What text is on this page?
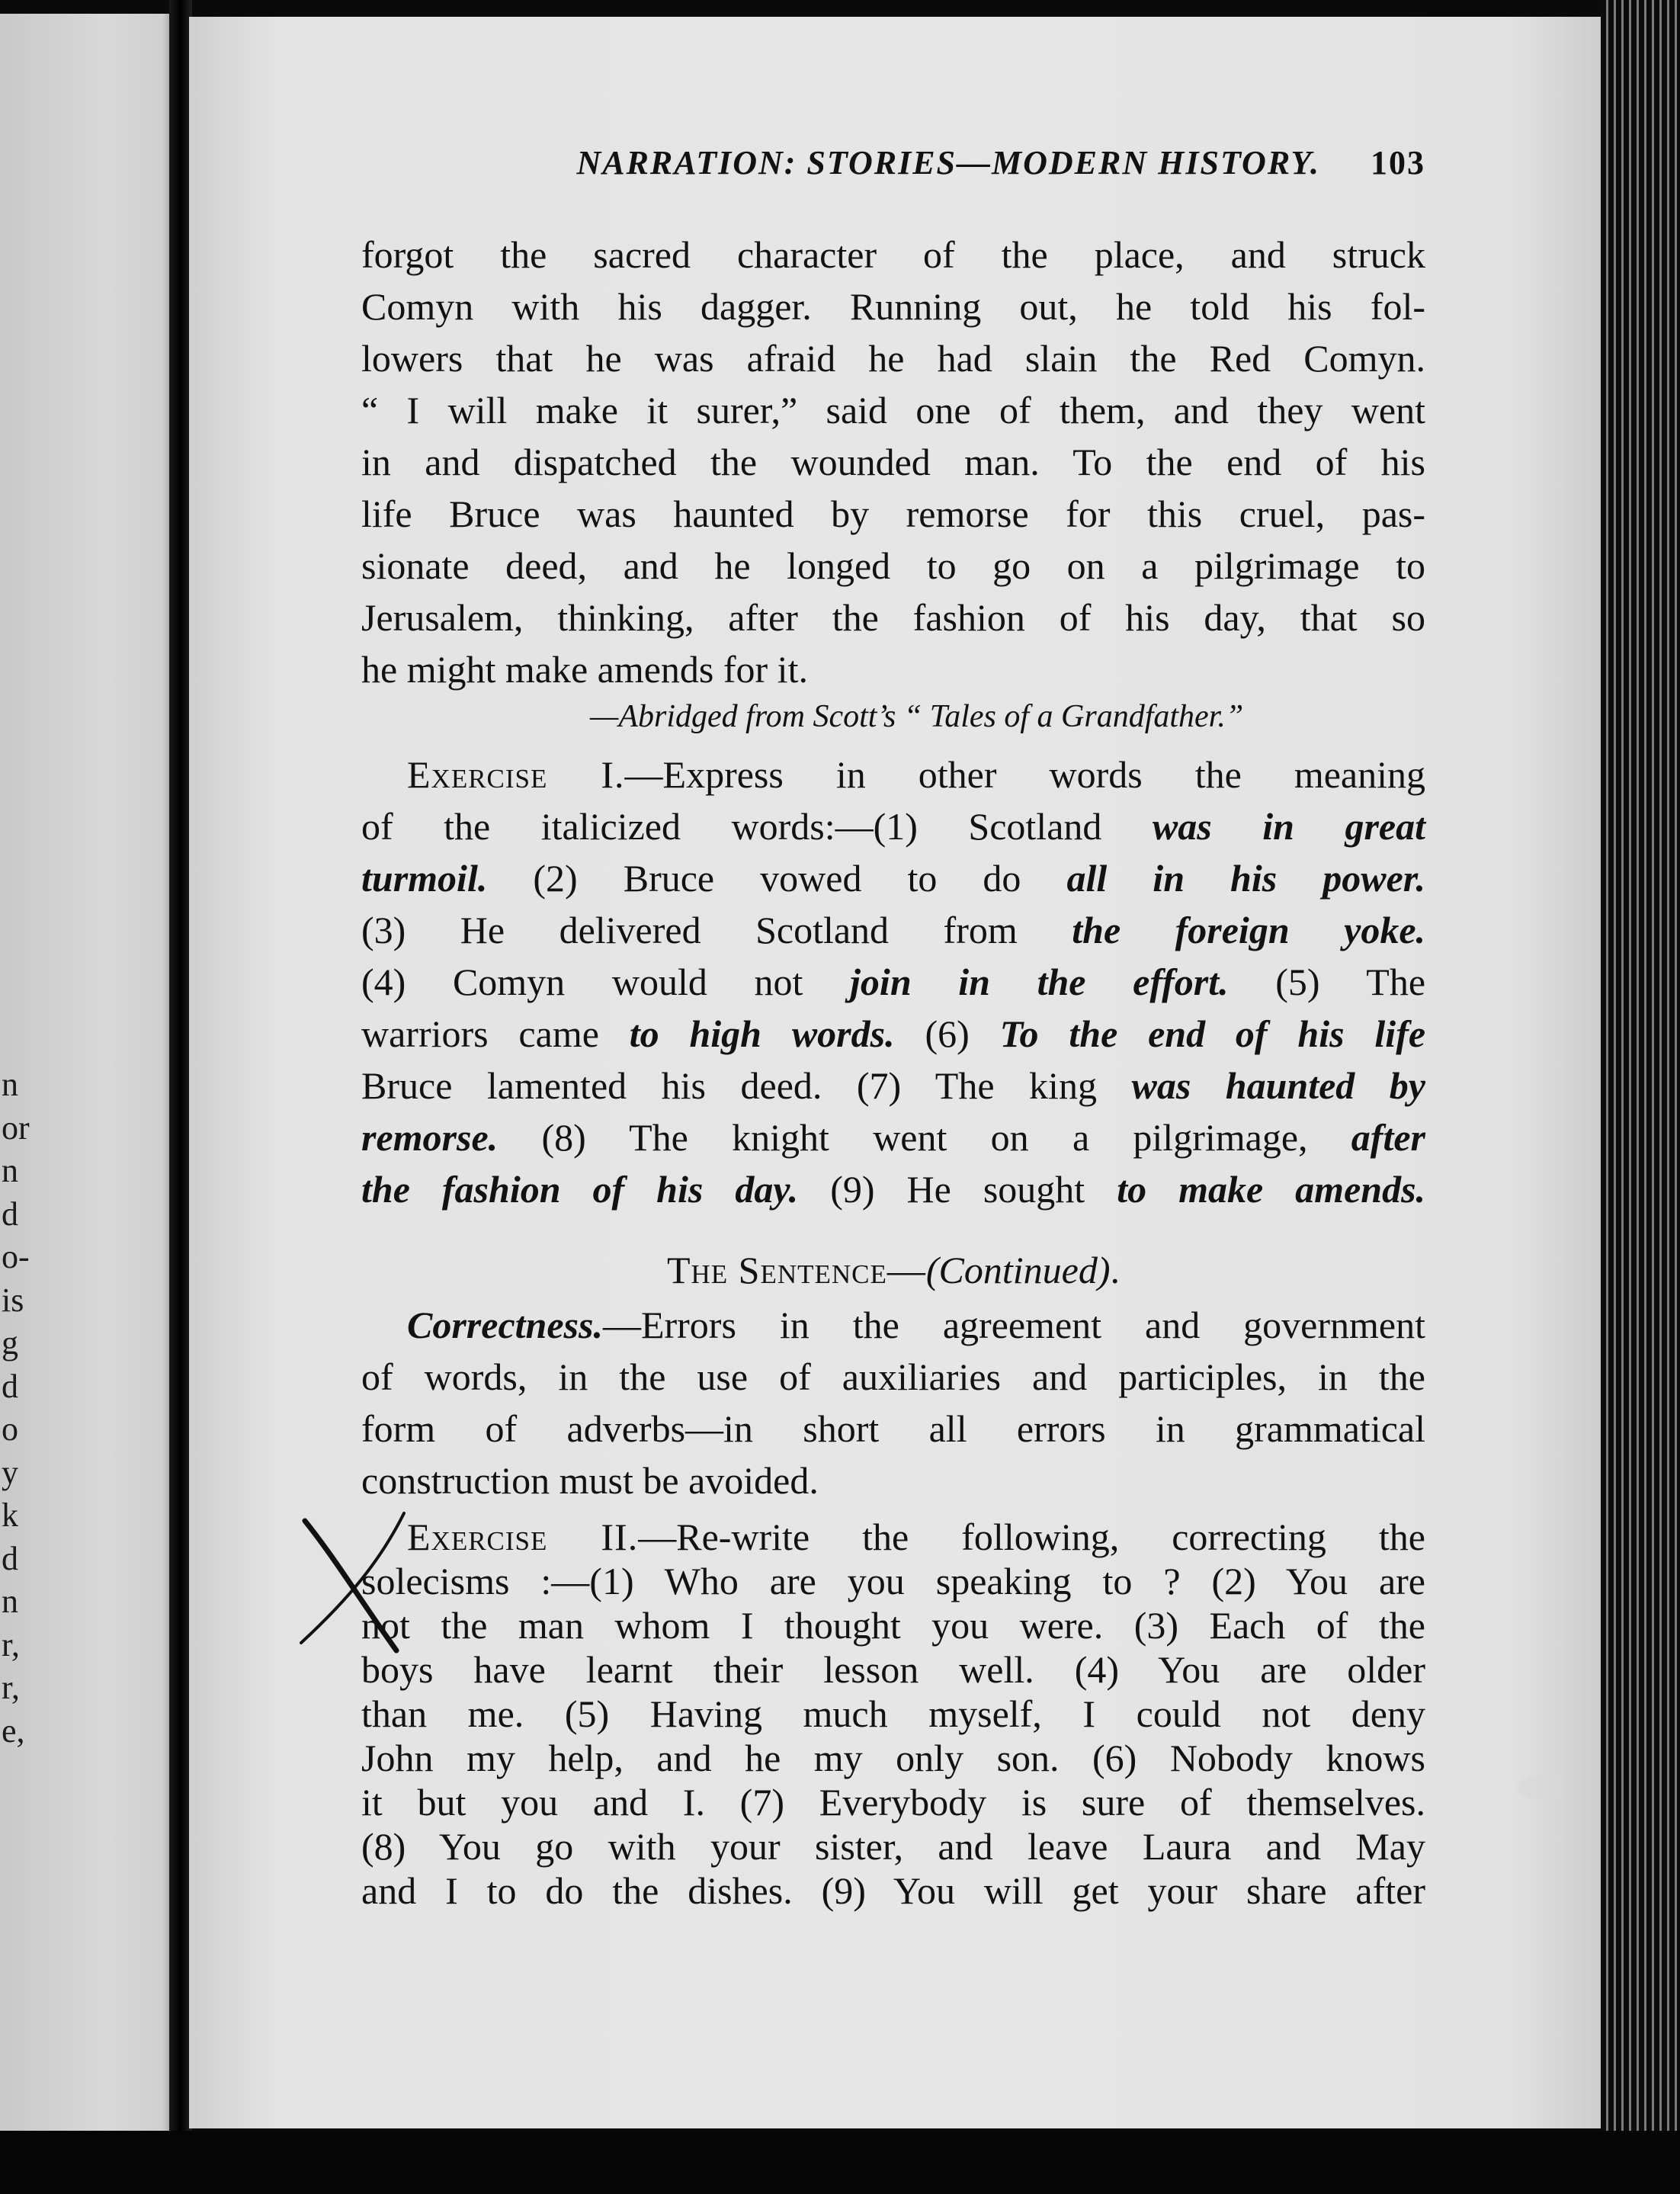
n
or
n
d
o-
is
g
d
o
y
k
d
n
r,
r,
e,
NARRATION: STORIES—MODERN HISTORY. 103
forgot the sacred character of the place, and struck
Comyn with his dagger. Running out, he told his fol-
lowers that he was afraid he had slain the Red Comyn.
“ I will make it surer,” said one of them, and they went
in and dispatched the wounded man. To the end of his
life Bruce was haunted by remorse for this cruel, pas-
sionate deed, and he longed to go on a pilgrimage to
Jerusalem, thinking, after the fashion of his day, that so
he might make amends for it.
—Abridged from Scott’s “ Tales of a Grandfather.”
Exercise I.—Express in other words the meaning
of the italicized words:—(1) Scotland was in great
turmoil. (2) Bruce vowed to do all in his power.
(3) He delivered Scotland from the foreign yoke.
(4) Comyn would not join in the effort. (5) The
warriors came to high words. (6) To the end of his life
Bruce lamented his deed. (7) The king was haunted by
remorse. (8) The knight went on a pilgrimage, after
the fashion of his day. (9) He sought to make amends.
The Sentence—(Continued).
Correctness.—Errors in the agreement and government
of words, in the use of auxiliaries and participles, in the
form of adverbs—in short all errors in grammatical
construction must be avoided.
Exercise II.—Re-write the following, correcting the
solecisms :—(1) Who are you speaking to ? (2) You are
not the man whom I thought you were. (3) Each of the
boys have learnt their lesson well. (4) You are older
than me. (5) Having much myself, I could not deny
John my help, and he my only son. (6) Nobody knows
it but you and I. (7) Everybody is sure of themselves.
(8) You go with your sister, and leave Laura and May
and I to do the dishes. (9) You will get your share after
